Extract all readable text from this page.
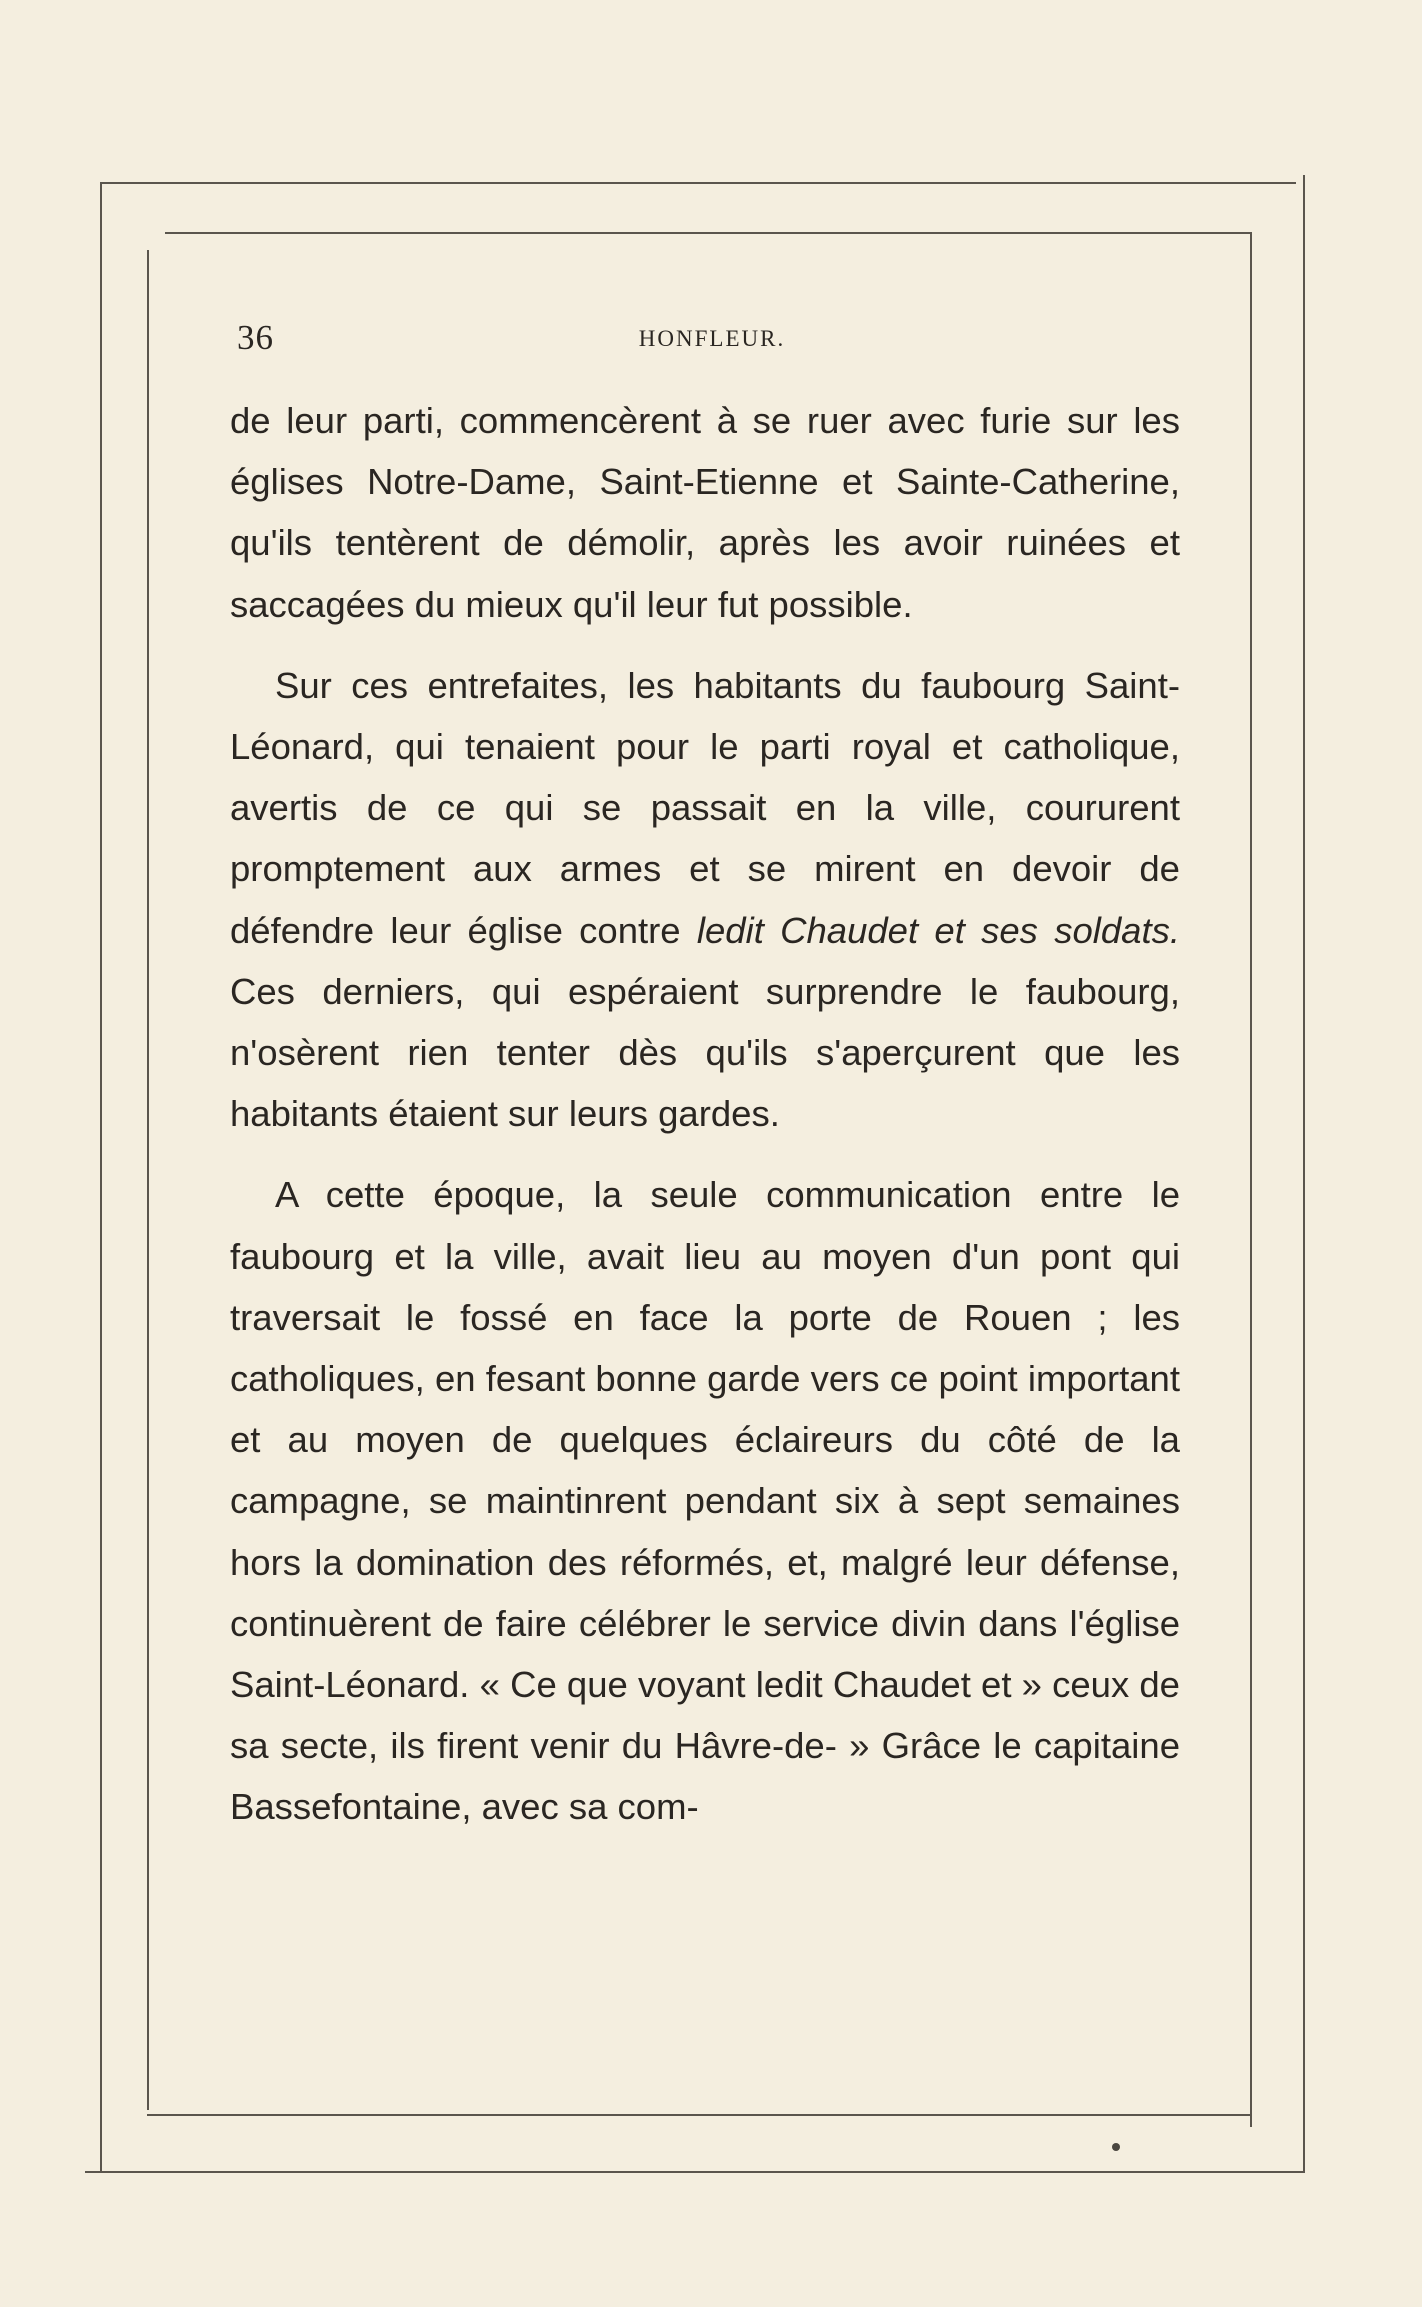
36	HONFLEUR.

de leur parti, commencèrent à se ruer avec furie sur les églises Notre-Dame, Saint-Etienne et Sainte-Catherine, qu'ils tentèrent de démolir, après les avoir ruinées et saccagées du mieux qu'il leur fut possible.

Sur ces entrefaites, les habitants du faubourg Saint-Léonard, qui tenaient pour le parti royal et catholique, avertis de ce qui se passait en la ville, coururent promptement aux armes et se mirent en devoir de défendre leur église contre ledit Chaudet et ses soldats. Ces derniers, qui espéraient surprendre le faubourg, n'osèrent rien tenter dès qu'ils s'aperçurent que les habitants étaient sur leurs gardes.

A cette époque, la seule communication entre le faubourg et la ville, avait lieu au moyen d'un pont qui traversait le fossé en face la porte de Rouen ; les catholiques, en fesant bonne garde vers ce point important et au moyen de quelques éclaireurs du côté de la campagne, se maintinrent pendant six à sept semaines hors la domination des réformés, et, malgré leur défense, continuèrent de faire célébrer le service divin dans l'église Saint-Léonard. « Ce que voyant ledit Chaudet et » ceux de sa secte, ils firent venir du Hâvre-de- » Grâce le capitaine Bassefontaine, avec sa com-
